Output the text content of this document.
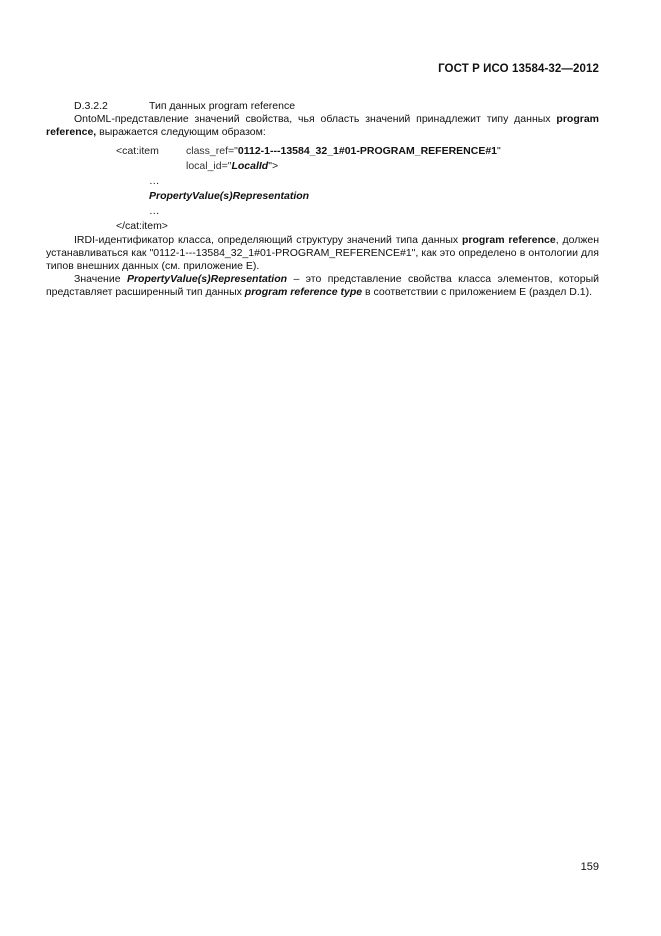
ГОСТ Р ИСО 13584-32—2012
D.3.2.2	Тип данных program reference

OntoML-представление значений свойства, чья область значений принадлежит типу данных program reference, выражается следующим образом:

<cat:item	class_ref="0112-1---13584_32_1#01-PROGRAM_REFERENCE#1"
local_id="LocalId">
…
PropertyValue(s)Representation
…
</cat:item>

IRDI-идентификатор класса, определяющий структуру значений типа данных program reference, должен устанавливаться как "0112-1---13584_32_1#01-PROGRAM_REFERENCE#1", как это определено в онтологии для типов внешних данных (см. приложение Е).

Значение PropertyValue(s)Representation – это представление свойства класса элементов, который представляет расширенный тип данных program reference type в соответствии с приложением Е (раздел D.1).

159
